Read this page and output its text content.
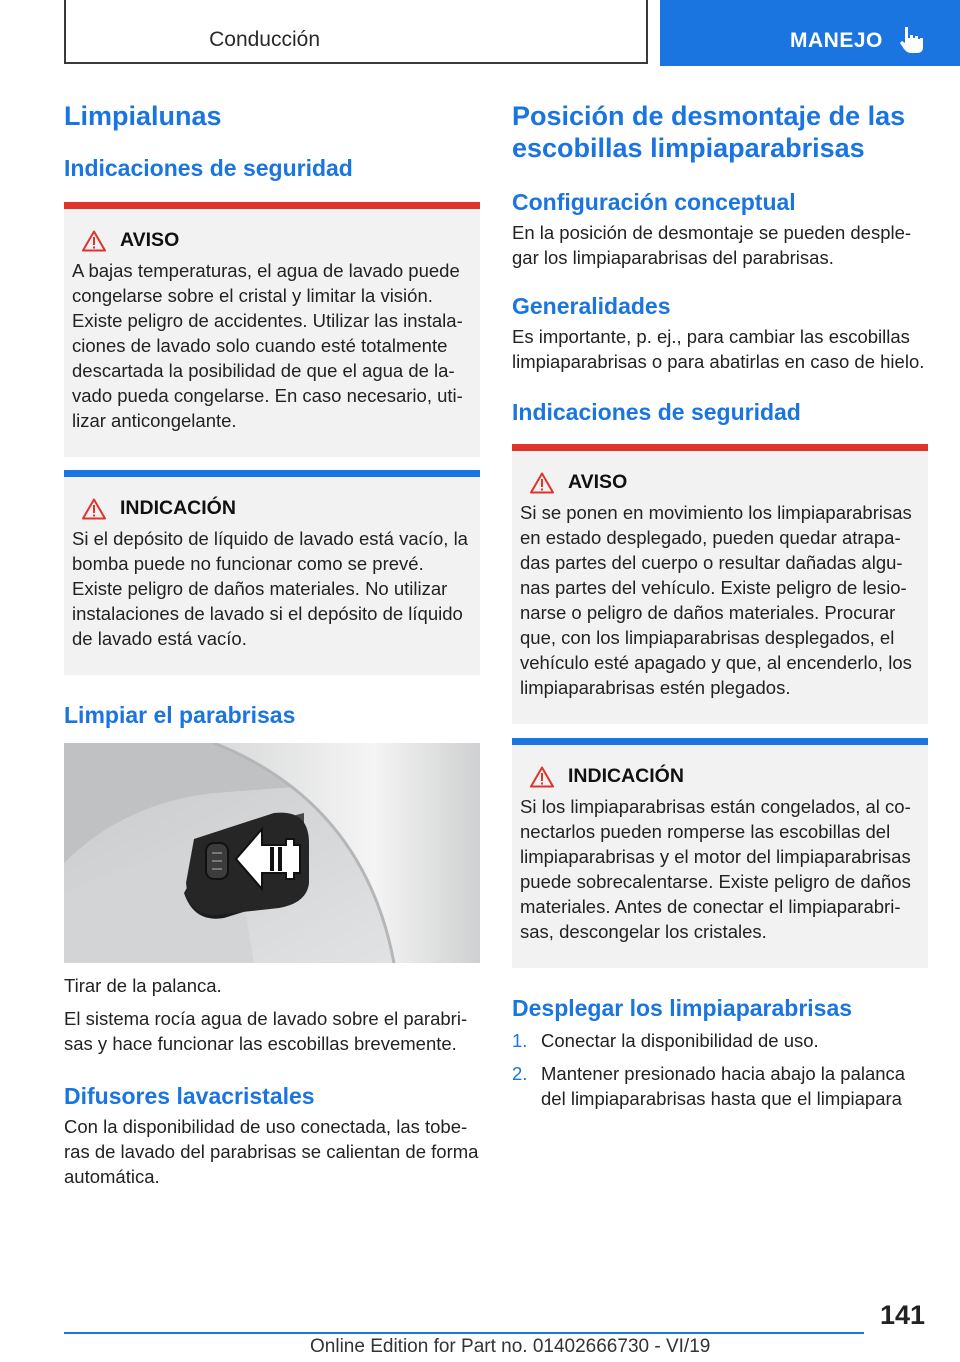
Conducción	MANEJO
Limpialunas
Indicaciones de seguridad
AVISO

A bajas temperaturas, el agua de lavado puede congelarse sobre el cristal y limitar la visión. Existe peligro de accidentes. Utilizar las instalaciones de lavado solo cuando esté totalmente descartada la posibilidad de que el agua de lavado pueda congelarse. En caso necesario, utilizar anticongelante.

INDICACIÓN

Si el depósito de líquido de lavado está vacío, la bomba puede no funcionar como se prevé. Existe peligro de daños materiales. No utilizar instalaciones de lavado si el depósito de líquido de lavado está vacío.

Limpiar el parabrisas

Tirar de la palanca.

El sistema rocía agua de lavado sobre el parabrisas y hace funcionar las escobillas brevemente.

Difusores lavacristales

Con la disponibilidad de uso conectada, las toberas de lavado del parabrisas se calientan de forma automática.

Posición de desmontaje de las escobillas limpiaparabrisas
Configuración conceptual

En la posición de desmontaje se pueden desplegar los limpiaparabrisas del parabrisas.

Generalidades

Es importante, p. ej., para cambiar las escobillas limpiaparabrisas o para abatirlas en caso de hielo.

Indicaciones de seguridad
AVISO

Si se ponen en movimiento los limpiaparabrisas en estado desplegado, pueden quedar atrapadas partes del cuerpo o resultar dañadas algunas partes del vehículo. Existe peligro de lesionarse o peligro de daños materiales. Procurar que, con los limpiaparabrisas desplegados, el vehículo esté apagado y que, al encenderlo, los limpiaparabrisas estén plegados.

INDICACIÓN

Si los limpiaparabrisas están congelados, al conectarlos pueden romperse las escobillas del limpiaparabrisas y el motor del limpiaparabrisas puede sobrecalentarse. Existe peligro de daños materiales. Antes de conectar el limpiaparabrisas, descongelar los cristales.

Desplegar los limpiaparabrisas
1. Conectar la disponibilidad de uso.
2. Mantener presionado hacia abajo la palanca del limpiaparabrisas hasta que el limpiapara
141
Online Edition for Part no. 01402666730 - VI/19
